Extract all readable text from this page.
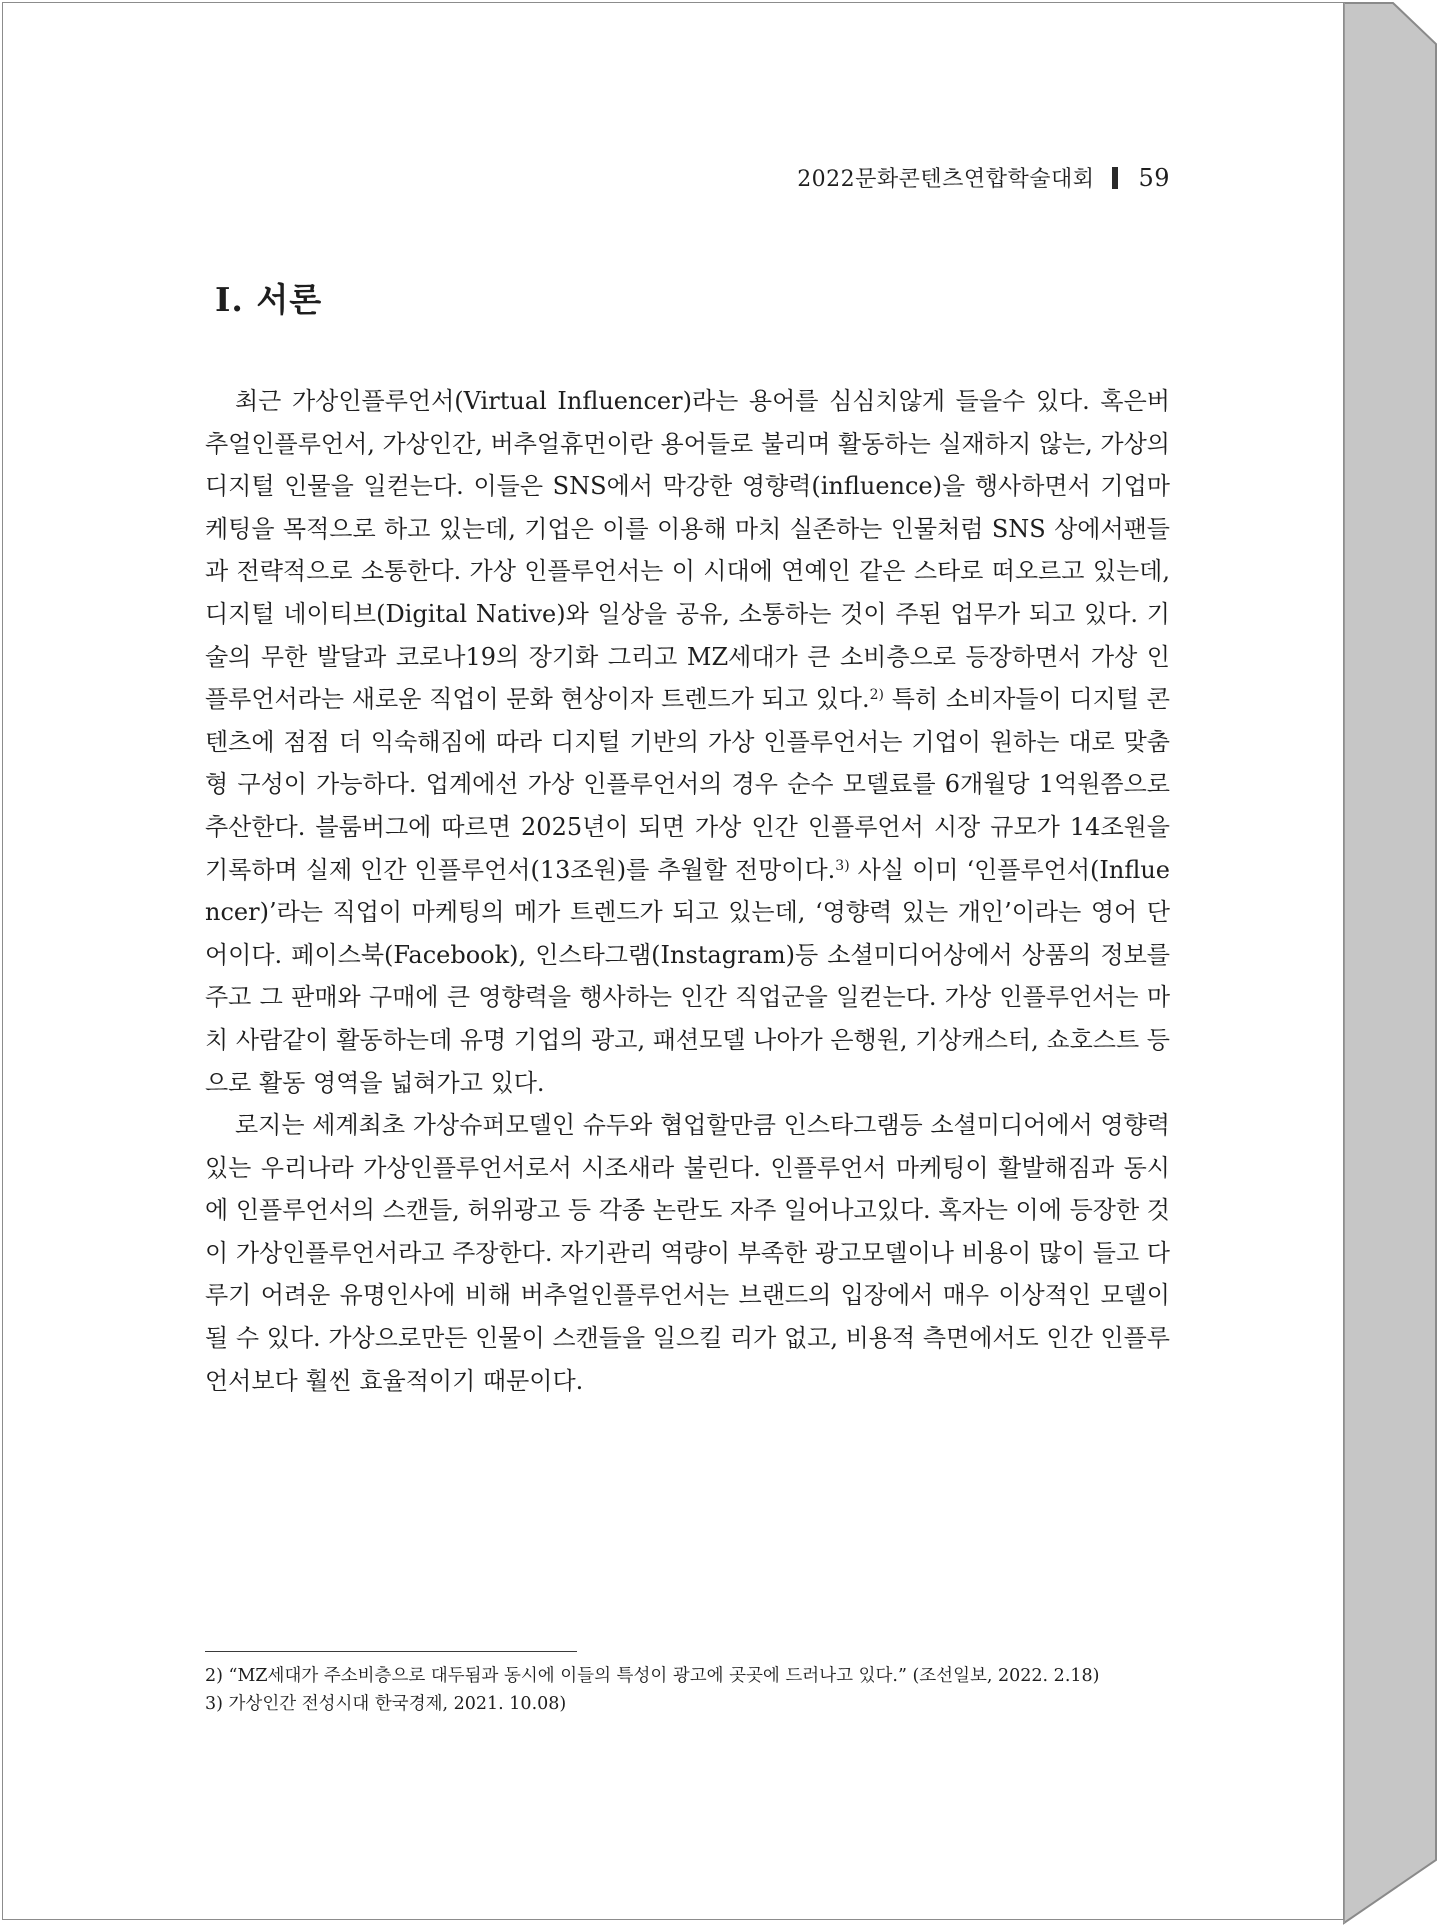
2022문화콘텐츠연합학술대회 59
Ⅰ. 서론

최근 가상인플루언서(Virtual Influencer)라는 용어를 심심치않게 들을수 있다. 혹은버추얼인플루언서, 가상인간, 버추얼휴먼이란 용어들로 불리며 활동하는 실재하지 않는, 가상의디지털 인물을 일컫는다. 이들은 SNS에서 막강한 영향력(influence)을 행사하면서 기업마케팅을 목적으로 하고 있는데, 기업은 이를 이용해 마치 실존하는 인물처럼 SNS 상에서팬들과 전략적으로 소통한다. 가상 인플루언서는 이 시대에 연예인 같은 스타로 떠오르고 있는데, 디지털 네이티브(Digital Native)와 일상을 공유, 소통하는 것이 주된 업무가 되고 있다. 기술의 무한 발달과 코로나19의 장기화 그리고 MZ세대가 큰 소비층으로 등장하면서 가상 인플루언서라는 새로운 직업이 문화 현상이자 트렌드가 되고 있다.$^{2)}$ 특히 소비자들이 디지털 콘텐츠에 점점 더 익숙해짐에 따라 디지털 기반의 가상 인플루언서는 기업이 원하는 대로 맞춤형 구성이 가능하다. 업계에선 가상 인플루언서의 경우 순수 모델료를 6개월당 1억원쯤으로 추산한다. 블룸버그에 따르면 2025년이 되면 가상 인간 인플루언서 시장 규모가 14조원을 기록하며 실제 인간 인플루언서(13조원)를 추월할 전망이다.$^{3)}$ 사실 이미 ‘인플루언서(Influencer)’라는 직업이 마케팅의 메가 트렌드가 되고 있는데, ‘영향력 있는 개인’이라는 영어 단어이다. 페이스북(Facebook), 인스타그램(Instagram)등 소셜미디어상에서 상품의 정보를 주고 그 판매와 구매에 큰 영향력을 행사하는 인간 직업군을 일컫는다. 가상 인플루언서는 마치 사람같이 활동하는데 유명 기업의 광고, 패션모델 나아가 은행원, 기상캐스터, 쇼호스트 등으로 활동 영역을 넓혀가고 있다.

로지는 세계최초 가상슈퍼모델인 슈두와 협업할만큼 인스타그램등 소셜미디어에서 영향력있는 우리나라 가상인플루언서로서 시조새라 불린다. 인플루언서 마케팅이 활발해짐과 동시에 인플루언서의 스캔들, 허위광고 등 각종 논란도 자주 일어나고있다. 혹자는 이에 등장한 것이 가상인플루언서라고 주장한다. 자기관리 역량이 부족한 광고모델이나 비용이 많이 들고 다루기 어려운 유명인사에 비해 버추얼인플루언서는 브랜드의 입장에서 매우 이상적인 모델이 될 수 있다. 가상으로만든 인물이 스캔들을 일으킬 리가 없고, 비용적 측면에서도 인간 인플루언서보다 훨씬 효율적이기 때문이다.

2) “MZ세대가 주소비층으로 대두됨과 동시에 이들의 특성이 광고에 곳곳에 드러나고 있다.” (조선일보, 2022. 2.18)

3) 가상인간 전성시대 한국경제, 2021. 10.08)
